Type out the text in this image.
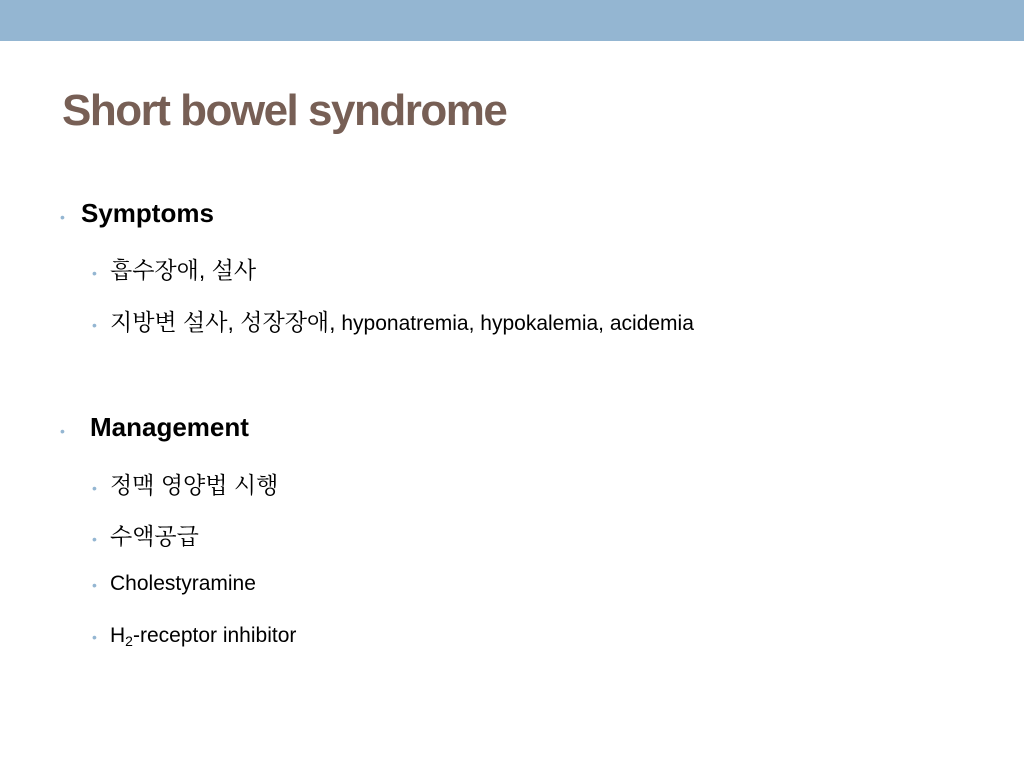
Short bowel syndrome
• Symptoms
• 흡수장애, 설사
• 지방변 설사, 성장장애, hyponatremia, hypokalemia, acidemia
• Management
• 정맥 영양법 시행
• 수액공급
• Cholestyramine
• $H_2$-receptor inhibitor
